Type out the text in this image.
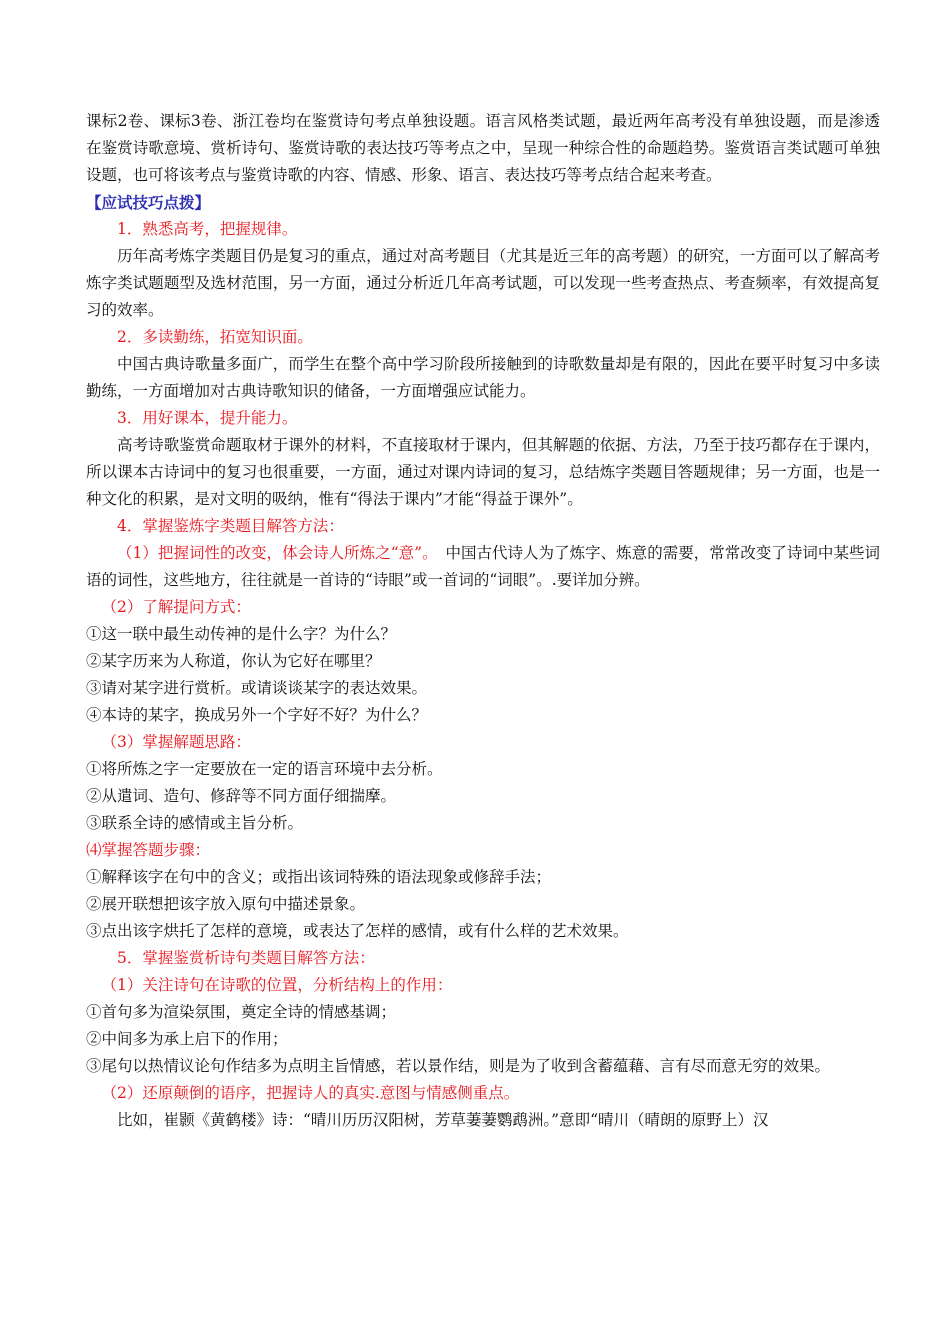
课标2卷、课标3卷、浙江卷均在鉴赏诗句考点单独设题。语言风格类试题，最近两年高考没有单独设题，而是渗透在鉴赏诗歌意境、赏析诗句、鉴赏诗歌的表达技巧等考点之中，呈现一种综合性的命题趋势。鉴赏语言类试题可单独设题，也可将该考点与鉴赏诗歌的内容、情感、形象、语言、表达技巧等考点结合起来考查。

【应试技巧点拨】

1．熟悉高考，把握规律。

历年高考炼字类题目仍是复习的重点，通过对高考题目（尤其是近三年的高考题）的研究，一方面可以了解高考炼字类试题题型及选材范围，另一方面，通过分析近几年高考试题，可以发现一些考查热点、考查频率，有效提高复习的效率。

2．多读勤练，拓宽知识面。

中国古典诗歌量多面广，而学生在整个高中学习阶段所接触到的诗歌数量却是有限的，因此在要平时复习中多读勤练，一方面增加对古典诗歌知识的储备，一方面增强应试能力。

3．用好课本，提升能力。

高考诗歌鉴赏命题取材于课外的材料，不直接取材于课内，但其解题的依据、方法，乃至于技巧都存在于课内，所以课本古诗词中的复习也很重要，一方面，通过对课内诗词的复习，总结炼字类题目答题规律；另一方面，也是一种文化的积累，是对文明的吸纳，惟有“得法于课内”才能“得益于课外”。

4．掌握鉴炼字类题目解答方法：

（1）把握词性的改变，体会诗人所炼之“意”。　 中国古代诗人为了炼字、炼意的需要，常常改变了诗词中某些词语的词性，这些地方，往往就是一首诗的“诗眼”或一首词的“词眼”。.要详加分辨。

（2）了解提问方式：

①这一联中最生动传神的是什么字？为什么？

②某字历来为人称道，你认为它好在哪里？

③请对某字进行赏析。或请谈谈某字的表达效果。

④本诗的某字，换成另外一个字好不好？为什么？

（3）掌握解题思路：

①将所炼之字一定要放在一定的语言环境中去分析。

②从遣词、造句、修辞等不同方面仔细揣摩。

③联系全诗的感情或主旨分析。

⑷掌握答题步骤：

①解释该字在句中的含义；或指出该词特殊的语法现象或修辞手法；

②展开联想把该字放入原句中描述景象。

③点出该字烘托了怎样的意境，或表达了怎样的感情，或有什么样的艺术效果。

5．掌握鉴赏析诗句类题目解答方法：

（1）关注诗句在诗歌的位置，分析结构上的作用：

①首句多为渲染氛围，奠定全诗的情感基调；

②中间多为承上启下的作用；

③尾句以热情议论句作结多为点明主旨情感，若以景作结，则是为了收到含蓄蕴藉、言有尽而意无穷的效果。

（2）还原颠倒的语序，把握诗人的真实.意图与情感侧重点。

比如，崔颢《黄鹤楼》诗：“晴川历历汉阳树，芳草萋萋鹦鹉洲。”意即“晴川（晴朗的原野上）汉
